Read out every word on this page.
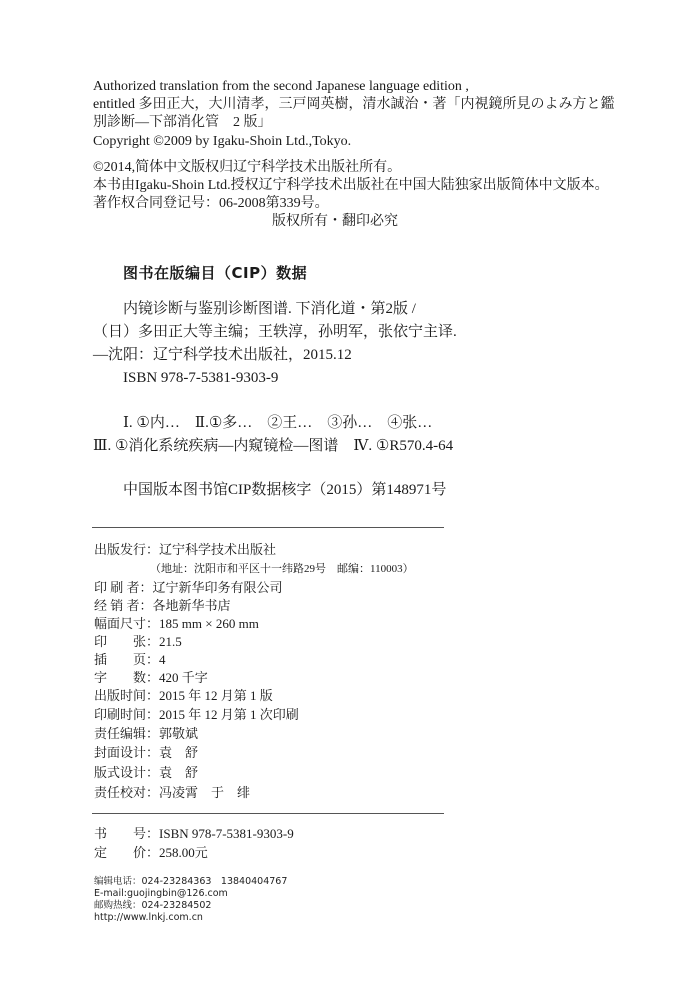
Authorized translation from the second Japanese language edition ,
entitled 多田正大，大川清孝，三戸岡英樹，清水誠治・著「内視鏡所見のよみ方と鑑
別診断—下部消化管　2 版」
Copyright ©2009 by Igaku-Shoin Ltd.,Tokyo.
©2014,简体中文版权归辽宁科学技术出版社所有。
本书由Igaku-Shoin Ltd.授权辽宁科学技术出版社在中国大陆独家出版简体中文版本。
著作权合同登记号：06-2008第339号。
版权所有・翻印必究
图书在版编目（CIP）数据
内镜诊断与鉴别诊断图谱. 下消化道・第2版 /
（日）多田正大等主编；王轶淳，孙明军，张依宁主译.
—沈阳：辽宁科学技术出版社，2015.12
ISBN 978-7-5381-9303-9
Ⅰ. ①内…　Ⅱ.①多…　②王…　③孙…　④张…
Ⅲ. ①消化系统疾病—内窥镜检—图谱　Ⅳ. ①R570.4-64
中国版本图书馆CIP数据核字（2015）第148971号
出版发行：辽宁科学技术出版社
（地址：沈阳市和平区十一纬路29号　邮编：110003）
印 刷 者：辽宁新华印务有限公司
经 销 者：各地新华书店
幅面尺寸：185 mm × 260 mm
印　　张：21.5
插　　页：4
字　　数：420 千字
出版时间：2015 年 12 月第 1 版
印刷时间：2015 年 12 月第 1 次印刷
责任编辑：郭敬斌
封面设计：袁　舒
版式设计：袁　舒
责任校对：冯凌霄　于　绯
书　　号：ISBN 978-7-5381-9303-9
定　　价：258.00元
编辑电话：024-23284363　13840404767
E-mail:guojingbin@126.com
邮购热线：024-23284502
http://www.lnkj.com.cn
